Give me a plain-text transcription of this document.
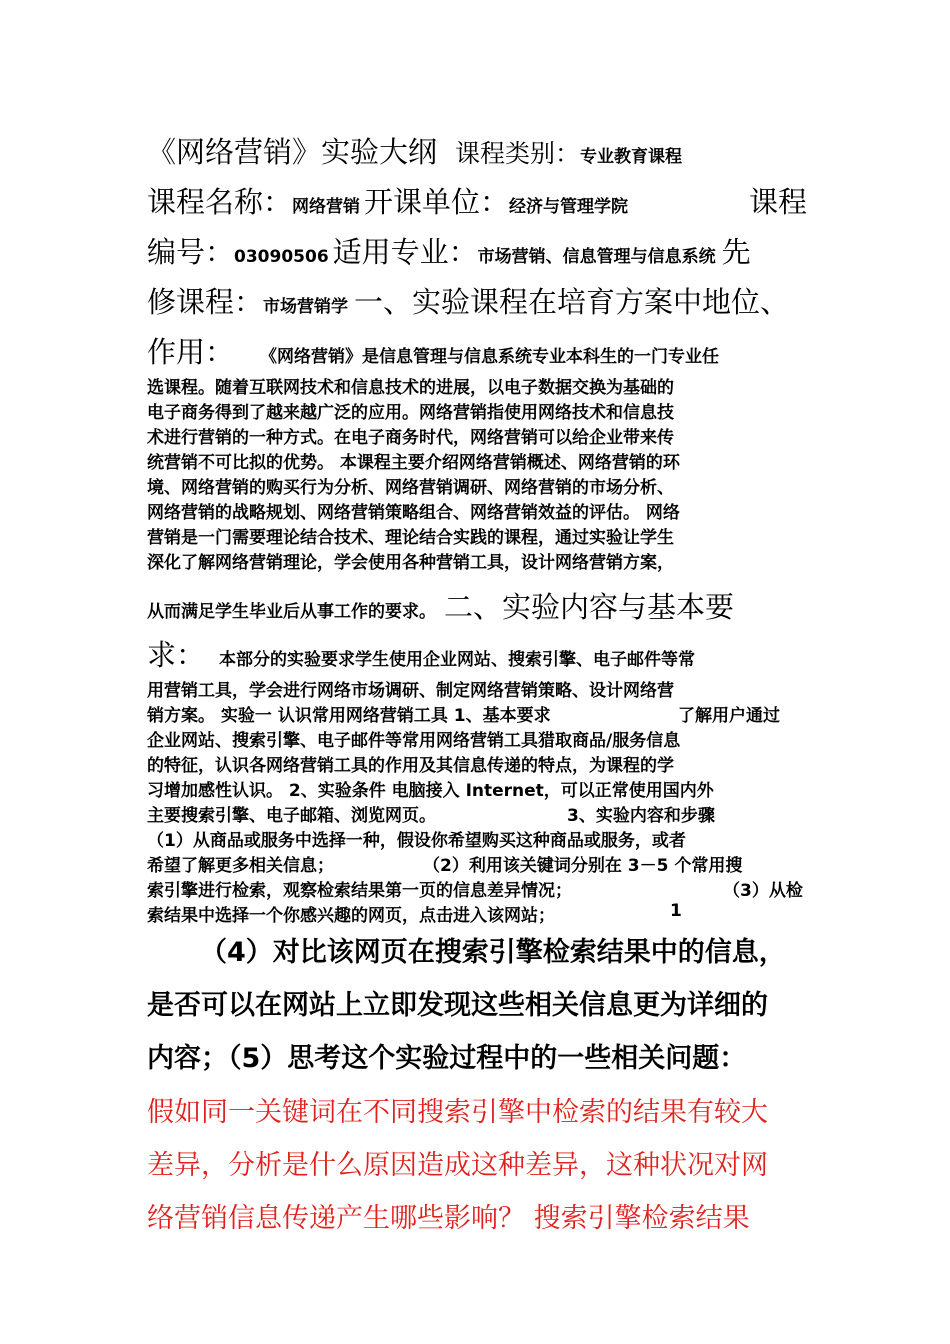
《网络营销》实验大纲 课程类别：专业教育课程
课程名称：网络营销 开课单位：经济与管理学院	课程
编号：03090506 适用专业：市场营销、信息管理与信息系统 先
修课程：市场营销学 一、实验课程在培育方案中地位、
作用： 《网络营销》是信息管理与信息系统专业本科生的一门专业任
选课程。随着互联网技术和信息技术的进展，以电子数据交换为基础的
电子商务得到了越来越广泛的应用。网络营销指使用网络技术和信息技
术进行营销的一种方式。在电子商务时代，网络营销可以给企业带来传
统营销不可比拟的优势。 本课程主要介绍网络营销概述、网络营销的环
境、网络营销的购买行为分析、网络营销调研、网络营销的市场分析、
网络营销的战略规划、网络营销策略组合、网络营销效益的评估。 网络
营销是一门需要理论结合技术、理论结合实践的课程，通过实验让学生
深化了解网络营销理论，学会使用各种营销工具，设计网络营销方案，
从而满足学生毕业后从事工作的要求。 二、实验内容与基本要
求： 本部分的实验要求学生使用企业网站、搜索引擎、电子邮件等常
用营销工具，学会进行网络市场调研、制定网络营销策略、设计网络营
销方案。 实验一 认识常用网络营销工具 1、基本要求	了解用户通过
企业网站、搜索引擎、电子邮件等常用网络营销工具猎取商品/服务信息
的特征，认识各网络营销工具的作用及其信息传递的特点，为课程的学
习增加感性认识。 2、实验条件 电脑接入 Internet，可以正常使用国内外
主要搜索引擎、电子邮箱、浏览网页。	3、实验内容和步骤
（1）从商品或服务中选择一种，假设你希望购买这种商品或服务，或者
希望了解更多相关信息；	（2）利用该关键词分别在 3－5 个常用搜
索引擎进行检索，观察检索结果第一页的信息差异情况；	（3）从检
索结果中选择一个你感兴趣的网页，点击进入该网站；	1
（4）对比该网页在搜索引擎检索结果中的信息，
是否可以在网站上立即发现这些相关信息更为详细的
内容；（5）思考这个实验过程中的一些相关问题：
假如同一关键词在不同搜索引擎中检索的结果有较大
差异，分析是什么原因造成这种差异，这种状况对网
络营销信息传递产生哪些影响？ 搜索引擎检索结果
